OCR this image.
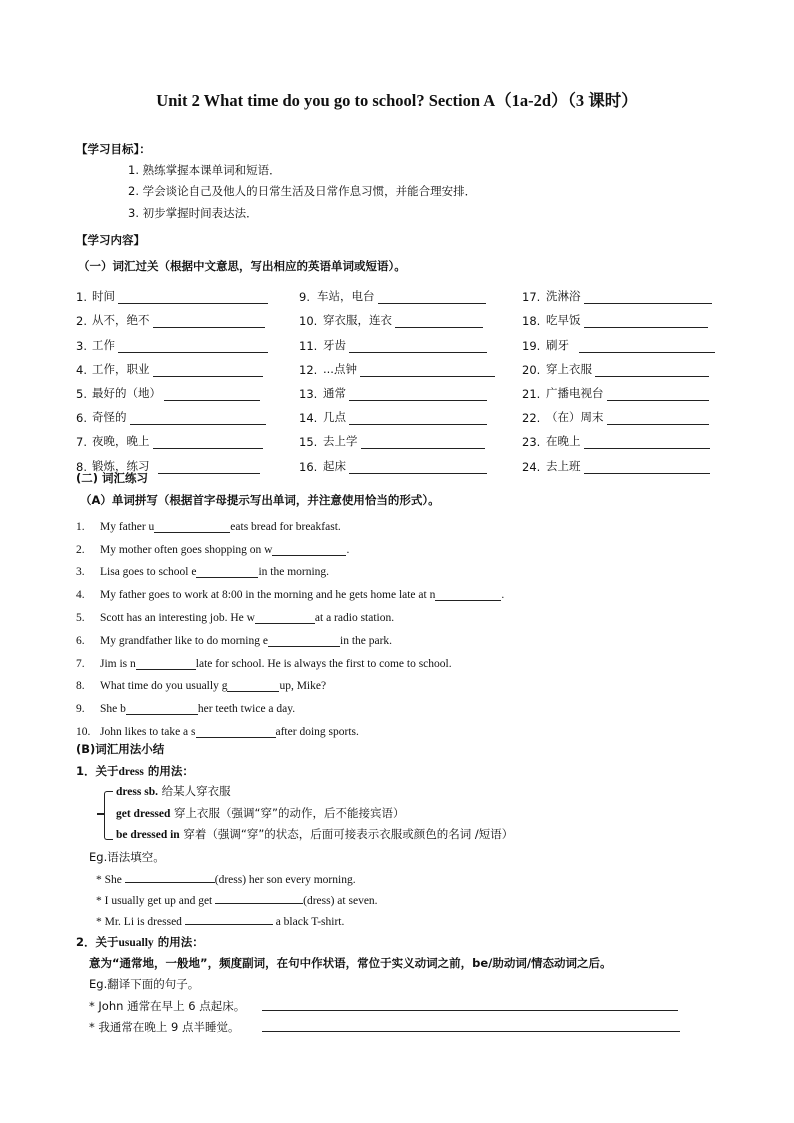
Unit 2 What time do you go to school? Section A（1a-2d）（3 课时）
【学习目标】：
1. 熟练掌握本课单词和短语．
2. 学会谈论自己及他人的日常生活及日常作息习惯，并能合理安排．
3. 初步掌握时间表达法．
【学习内容】
（一）词汇过关（根据中文意思，写出相应的英语单词或短语）。
1. 时间
2. 从不，绝不
3. 工作
4. 工作，职业
5. 最好的（地）
6. 奇怪的
7. 夜晚，晚上
8. 锻炼，练习
9. 车站，电台
10. 穿衣服，连衣
11. 牙齿
12. ...点钟
13. 通常
14. 几点
15. 去上学
16. 起床
17. 洗淋浴
18. 吃早饭
19. 刷牙
20. 穿上衣服
21. 广播电视台
22. （在）周末
23. 在晚上
24. 去上班
(二) 词汇练习
（A）单词拼写（根据首字母提示写出单词，并注意使用恰当的形式）。
1.	My father u	eats bread for breakfast.
2.	My mother often goes shopping on w	.
3.	Lisa goes to school e	in the morning.
4.	My father goes to work at 8:00 in the morning and he gets home late at n	.
5.	Scott has an interesting job. He w	at a radio station.
6.	My grandfather like to do morning e	in the park.
7.	Jim is n	late for school. He is always the first to come to school.
8.	What time do you usually g	up, Mike?
9.	She b	her teeth twice a day.
10. John likes to take a s	after doing sports.
(B)词汇用法小结
1．关于dress 的用法：
dress sb. 给某人穿衣服
get dressed 穿上衣服（强调“穿”的动作，后不能接宾语）
be dressed in 穿着（强调“穿”的状态，后面可接表示衣服或颜色的名词 /短语）
Eg.语法填空。
* She	(dress) her son every morning.
* I usually get up and get	(dress) at seven.
* Mr. Li is dressed	a black T-shirt.
2．关于usually 的用法：
意为“通常地，一般地”，频度副词，在句中作状语，常位于实义动词之前，be/助动词/情态动词之后。
Eg.翻译下面的句子。
* John 通常在早上 6 点起床。
* 我通常在晚上 9 点半睡觉。
